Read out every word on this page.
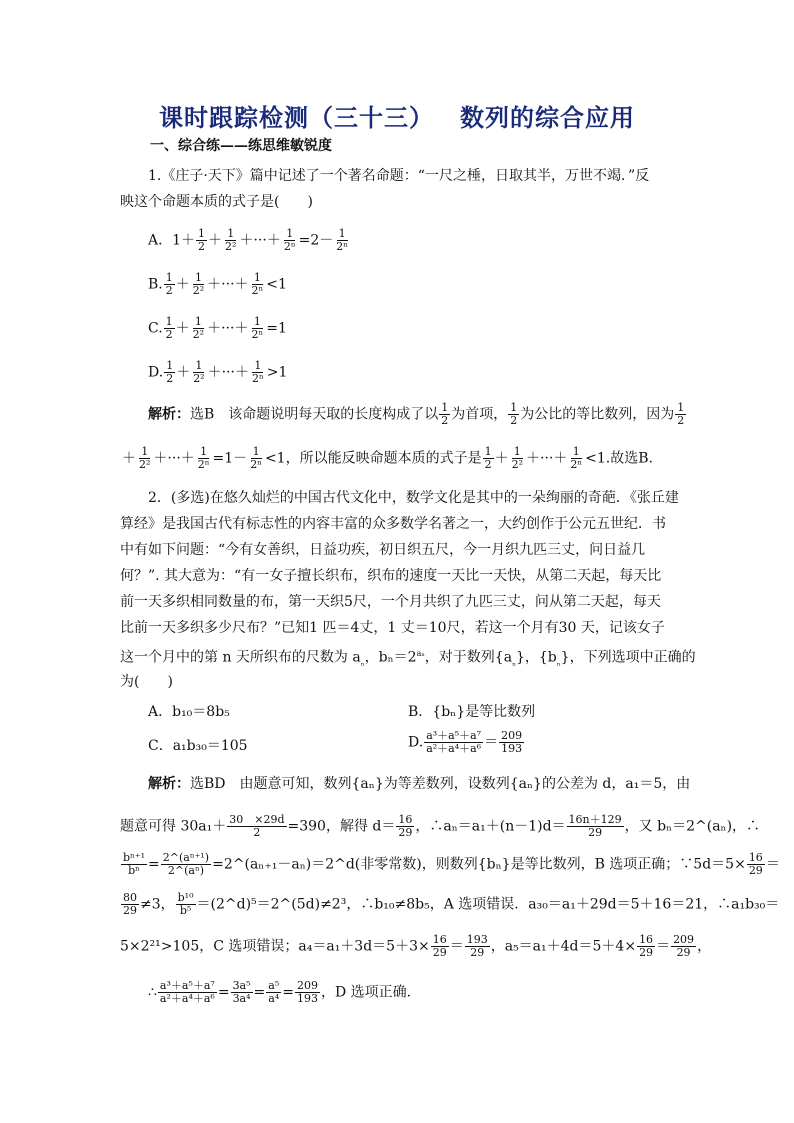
课时跟踪检测（三十三） 数列的综合应用
一、综合练——练思维敏锐度
1.《庄子·天下》篇中记述了一个著名命题：“一尺之棰，日取其半，万世不竭．”反
映这个命题本质的式子是(　　)
A．$1+ \frac{1}{2} + \frac{1}{\text{2²}}$ ＋···＋ $\frac{1}{\text{2ⁿ}} =2- \frac{1}{\text{2ⁿ}}$
B. $\frac{1}{2} + \frac{1}{\text{2²}}$ ＋···＋ $\frac{1}{\text{2ⁿ}} <1$
C. $\frac{1}{2} + \frac{1}{\text{2²}}$ ＋···＋ $\frac{1}{\text{2ⁿ}} =1$
D. $\frac{1}{2} + \frac{1}{\text{2²}}$ ＋···＋ $\frac{1}{\text{2ⁿ}} >1$
解析：选B　该命题说明每天取的长度构成了以 $\frac{1}{2}$ 为首项， $\frac{1}{2}$ 为公比的等比数列，因为 $\frac{1}{2}$
＋ $\frac{1}{\text{2²}}$ ＋···＋ $\frac{1}{\text{2ⁿ}} =1- \frac{1}{\text{2ⁿ}} <1$，所以能反映命题本质的式子是 $\frac{1}{2} + \frac{1}{\text{2²}}$ ＋···＋ $\frac{1}{\text{2ⁿ}} <1$.故选B.
2．(多选)在悠久灿烂的中国古代文化中，数学文化是其中的一朵绚丽的奇葩．《张丘建
算经》是我国古代有标志性的内容丰富的众多数学名著之一，大约创作于公元五世纪．书
中有如下问题：“今有女善织，日益功疾，初日织五尺，今一月织九匹三丈，问日益几
何？”. 其大意为：“有一女子擅长织布，织布的速度一天比一天快，从第二天起，每天比
前一天多织相同数量的布，第一天织5尺，一个月共织了九匹三丈，问从第二天起，每天
比前一天多织多少尺布？”已知1 匹＝4丈，1 丈＝10尺，若这一个月有30 天，记该女子
这一个月中的第 n 天所织布的尺数为 $a_{_n}$，$b_n=2^{a_n}$，对于数列$\{a_{_n}\}$，$\{b_{_n}\}$，下列选项中正确的
为(　　)
A．b₁₀＝8b₅	B．{bₙ}是等比数列
C．a₁b₃₀＝105	D. $\frac{\text{a³＋a⁵＋a⁷}}{\text{a²＋a⁴＋a⁶}} = \frac{209}{193}$
解析：选BD　由题意可知，数列{aₙ}为等差数列，设数列{aₙ}的公差为 d，a₁＝5，由
题意可得 $30a_1+ \frac{30 \times 29d}{2} =390$，解得 $d= \frac{16}{29}$ ，∴aₙ＝a₁＋(n－1)d＝ $\frac{16n+129}{29}$ ，又 bₙ＝2^(aₙ)，∴
$\frac{\text{bⁿ⁺¹}}{\text{bⁿ}} = \frac{\text{2\textasciicircum{}(aⁿ⁺¹)}}{\text{2\textasciicircum{}(aⁿ)}}$ =2^(aₙ₊₁－aₙ)＝2^d(非零常数)，则数列{bₙ}是等比数列，B 选项正确；∵5d＝5× $\frac{16}{29}$ ＝
$\frac{80}{29} \ne 3$， $\frac{\text{b¹⁰}}{\text{b⁵}}$ ＝(2^d)⁵＝2^(5d)≠2³，∴b₁₀≠8b₅，A 选项错误．a₃₀＝a₁＋29d＝5＋16＝21，∴a₁b₃₀＝
5×2²¹>105，C 选项错误；$a_4=a_1+3d=5+3\times \frac{16}{29} = \frac{193}{29}$ ，$a_5=a_1+4d=5+4\times \frac{16}{29} = \frac{209}{29}$ ，
∴ $\frac{\text{a³＋a⁵＋a⁷}}{\text{a²＋a⁴＋a⁶}} = \frac{\text{3a⁵}}{\text{3a⁴}} = \frac{\text{a⁵}}{\text{a⁴}} = \frac{209}{193}$ ，D 选项正确.
